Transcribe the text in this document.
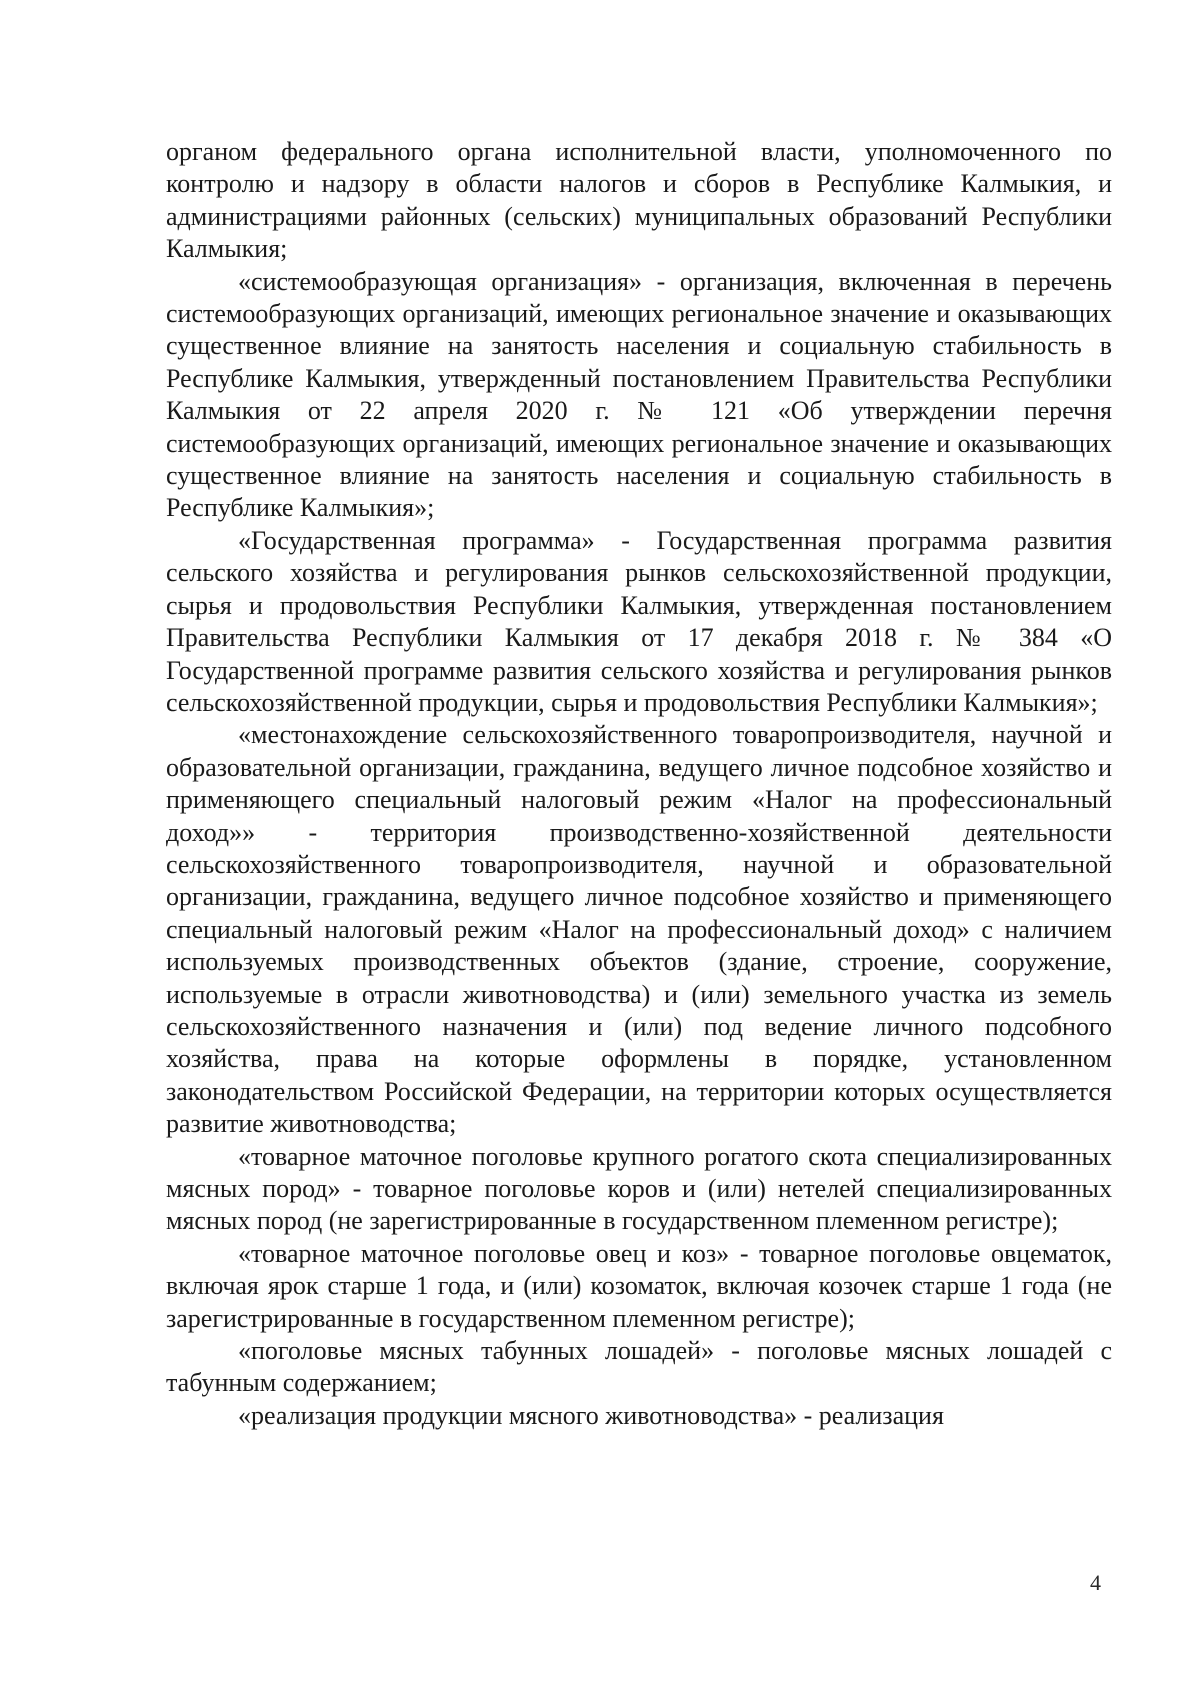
органом федерального органа исполнительной власти, уполномоченного по контролю и надзору в области налогов и сборов в Республике Калмыкия, и администрациями районных (сельских) муниципальных образований Республики Калмыкия;

«системообразующая организация» - организация, включенная в перечень системообразующих организаций, имеющих региональное значение и оказывающих существенное влияние на занятость населения и социальную стабильность в Республике Калмыкия, утвержденный постановлением Правительства Республики Калмыкия от 22 апреля 2020 г. № 121 «Об утверждении перечня системообразующих организаций, имеющих региональное значение и оказывающих существенное влияние на занятость населения и социальную стабильность в Республике Калмыкия»;

«Государственная программа» - Государственная программа развития сельского хозяйства и регулирования рынков сельскохозяйственной продукции, сырья и продовольствия Республики Калмыкия, утвержденная постановлением Правительства Республики Калмыкия от 17 декабря 2018 г. № 384 «О Государственной программе развития сельского хозяйства и регулирования рынков сельскохозяйственной продукции, сырья и продовольствия Республики Калмыкия»;

«местонахождение сельскохозяйственного товаропроизводителя, научной и образовательной организации, гражданина, ведущего личное подсобное хозяйство и применяющего специальный налоговый режим «Налог на профессиональный доход»» - территория производственно-хозяйственной деятельности сельскохозяйственного товаропроизводителя, научной и образовательной организации, гражданина, ведущего личное подсобное хозяйство и применяющего специальный налоговый режим «Налог на профессиональный доход» с наличием используемых производственных объектов (здание, строение, сооружение, используемые в отрасли животноводства) и (или) земельного участка из земель сельскохозяйственного назначения и (или) под ведение личного подсобного хозяйства, права на которые оформлены в порядке, установленном законодательством Российской Федерации, на территории которых осуществляется развитие животноводства;

«товарное маточное поголовье крупного рогатого скота специализированных мясных пород» - товарное поголовье коров и (или) нетелей специализированных мясных пород (не зарегистрированные в государственном племенном регистре);

«товарное маточное поголовье овец и коз» - товарное поголовье овцематок, включая ярок старше 1 года, и (или) козоматок, включая козочек старше 1 года (не зарегистрированные в государственном племенном регистре);

«поголовье мясных табунных лошадей» - поголовье мясных лошадей с табунным содержанием;

«реализация продукции мясного животноводства» - реализация

4
